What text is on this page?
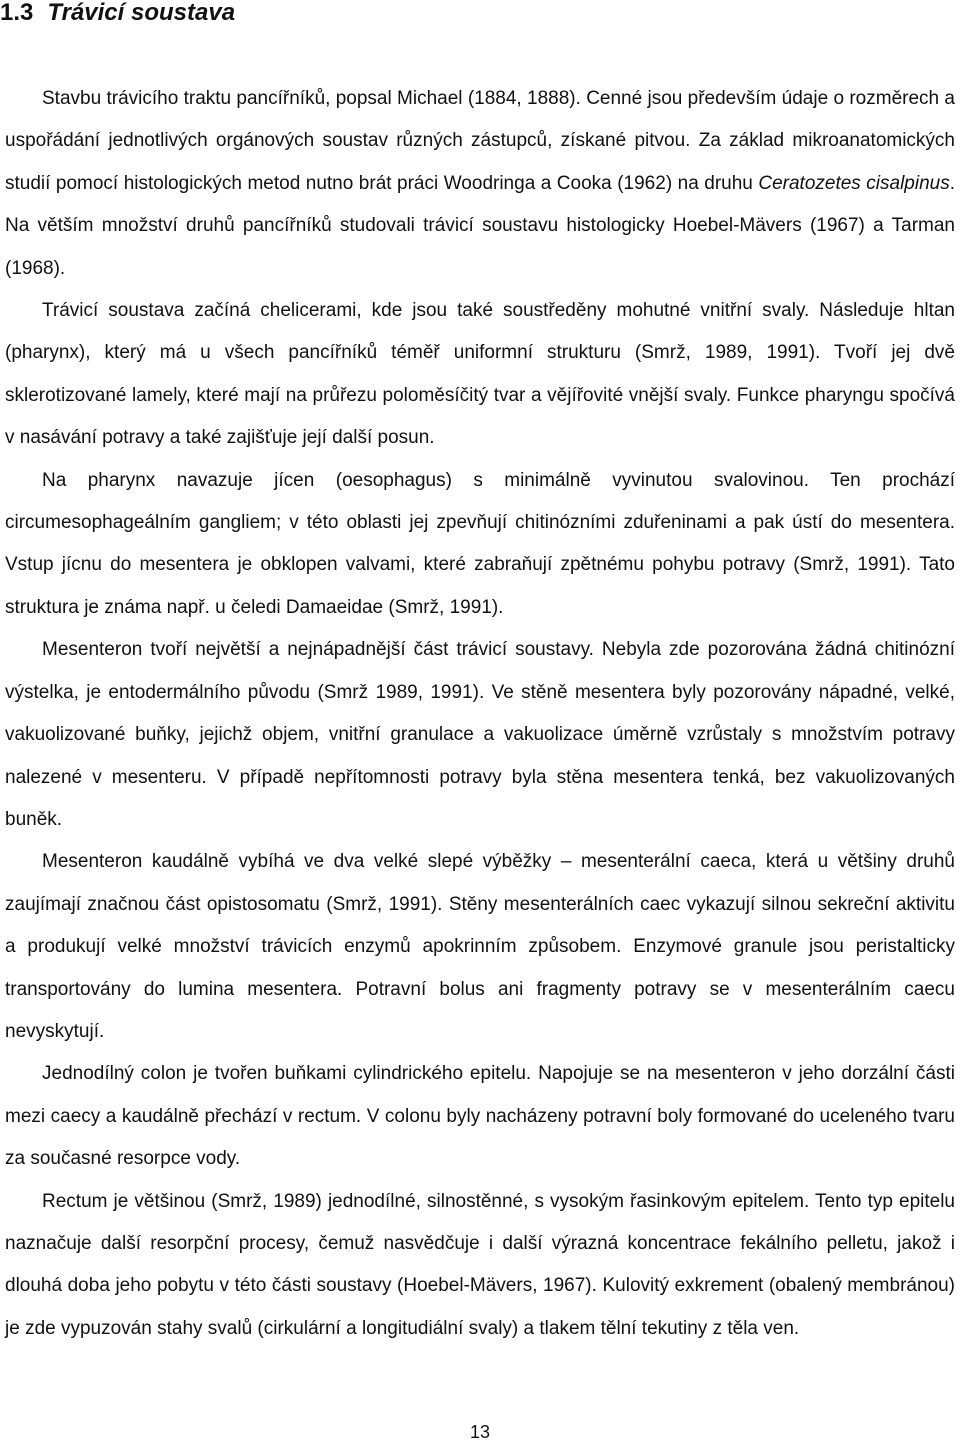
1.3 Trávicí soustava

Stavbu trávicího traktu pancířníků, popsal Michael (1884, 1888). Cenné jsou především údaje o rozměrech a uspořádání jednotlivých orgánových soustav různých zástupců, získané pitvou. Za základ mikroanatomických studií pomocí histologických metod nutno brát práci Woodringa a Cooka (1962) na druhu Ceratozetes cisalpinus. Na větším množství druhů pancířníků studovali trávicí soustavu histologicky Hoebel-Mävers (1967) a Tarman (1968).

Trávicí soustava začíná chelicerami, kde jsou také soustředěny mohutné vnitřní svaly. Následuje hltan (pharynx), který má u všech pancířníků téměř uniformní strukturu (Smrž, 1989, 1991). Tvoří jej dvě sklerotizované lamely, které mají na průřezu poloměsíčitý tvar a vějířovité vnější svaly. Funkce pharyngu spočívá v nasávání potravy a také zajišťuje její další posun.

Na pharynx navazuje jícen (oesophagus) s minimálně vyvinutou svalovinou. Ten prochází circumesophageálním gangliem; v této oblasti jej zpevňují chitinózními zduřeninami a pak ústí do mesentera. Vstup jícnu do mesentera je obklopen valvami, které zabraňují zpětnému pohybu potravy (Smrž, 1991). Tato struktura je známa např. u čeledi Damaeidae (Smrž, 1991).

Mesenteron tvoří největší a nejnápadnější část trávicí soustavy. Nebyla zde pozorována žádná chitinózní výstelka, je entodermálního původu (Smrž 1989, 1991). Ve stěně mesentera byly pozorovány nápadné, velké, vakuolizované buňky, jejichž objem, vnitřní granulace a vakuolizace úměrně vzrůstaly s množstvím potravy nalezené v mesenteru. V případě nepřítomnosti potravy byla stěna mesentera tenká, bez vakuolizovaných buněk.

Mesenteron kaudálně vybíhá ve dva velké slepé výběžky – mesenterální caeca, která u většiny druhů zaujímají značnou část opistosomatu (Smrž, 1991). Stěny mesenterálních caec vykazují silnou sekreční aktivitu a produkují velké množství trávicích enzymů apokrinním způsobem. Enzymové granule jsou peristalticky transportovány do lumina mesentera. Potravní bolus ani fragmenty potravy se v mesenterálním caecu nevyskytují.

Jednodílný colon je tvořen buňkami cylindrického epitelu. Napojuje se na mesenteron v jeho dorzální části mezi caecy a kaudálně přechází v rectum. V colonu byly nacházeny potravní boly formované do uceleného tvaru za současné resorpce vody.

Rectum je většinou (Smrž, 1989) jednodílné, silnostěnné, s vysokým řasinkovým epitelem. Tento typ epitelu naznačuje další resorpční procesy, čemuž nasvědčuje i další výrazná koncentrace fekálního pelletu, jakož i dlouhá doba jeho pobytu v této části soustavy (Hoebel-Mävers, 1967). Kulovitý exkrement (obalený membránou) je zde vypuzován stahy svalů (cirkulární a longitudiální svaly) a tlakem tělní tekutiny z těla ven.

13
